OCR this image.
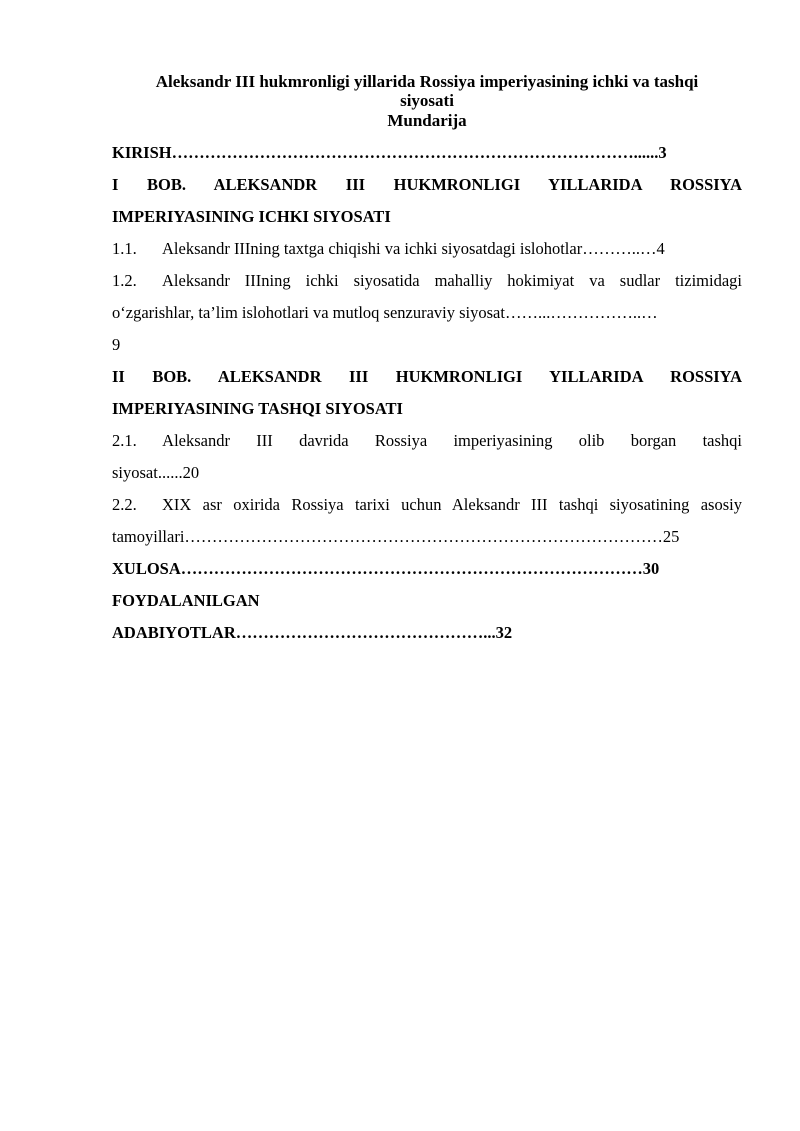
Aleksandr III hukmronligi yillarida Rossiya imperiyasining ichki va tashqi

siyosati

Mundarija

KIRISH…………………………………………………………………………......3
I BOB. ALEKSANDR III HUKMRONLIGI YILLARIDA ROSSIYA
IMPERIYASINING ICHKI SIYOSATI
1.1. Aleksandr IIIning taxtga chiqishi va ichki siyosatdagi islohotlar………..…4
1.2. Aleksandr IIIning ichki siyosatida mahalliy hokimiyat va sudlar tizimidagi
o‘zgarishlar, ta’lim islohotlari va mutloq senzuraviy siyosat……...……………..…
9
II BOB. ALEKSANDR III HUKMRONLIGI YILLARIDA ROSSIYA
IMPERIYASINING TASHQI SIYOSATI
2.1. Aleksandr III davrida Rossiya imperiyasining olib borgan tashqi
siyosat......20
2.2. XIX asr oxirida Rossiya tarixi uchun Aleksandr III tashqi siyosatining asosiy
tamoyillari……………………………………………………………………………25
XULOSA…………………………………………………………………………30
FOYDALANILGAN
ADABIYOTLAR………………………………………...32
